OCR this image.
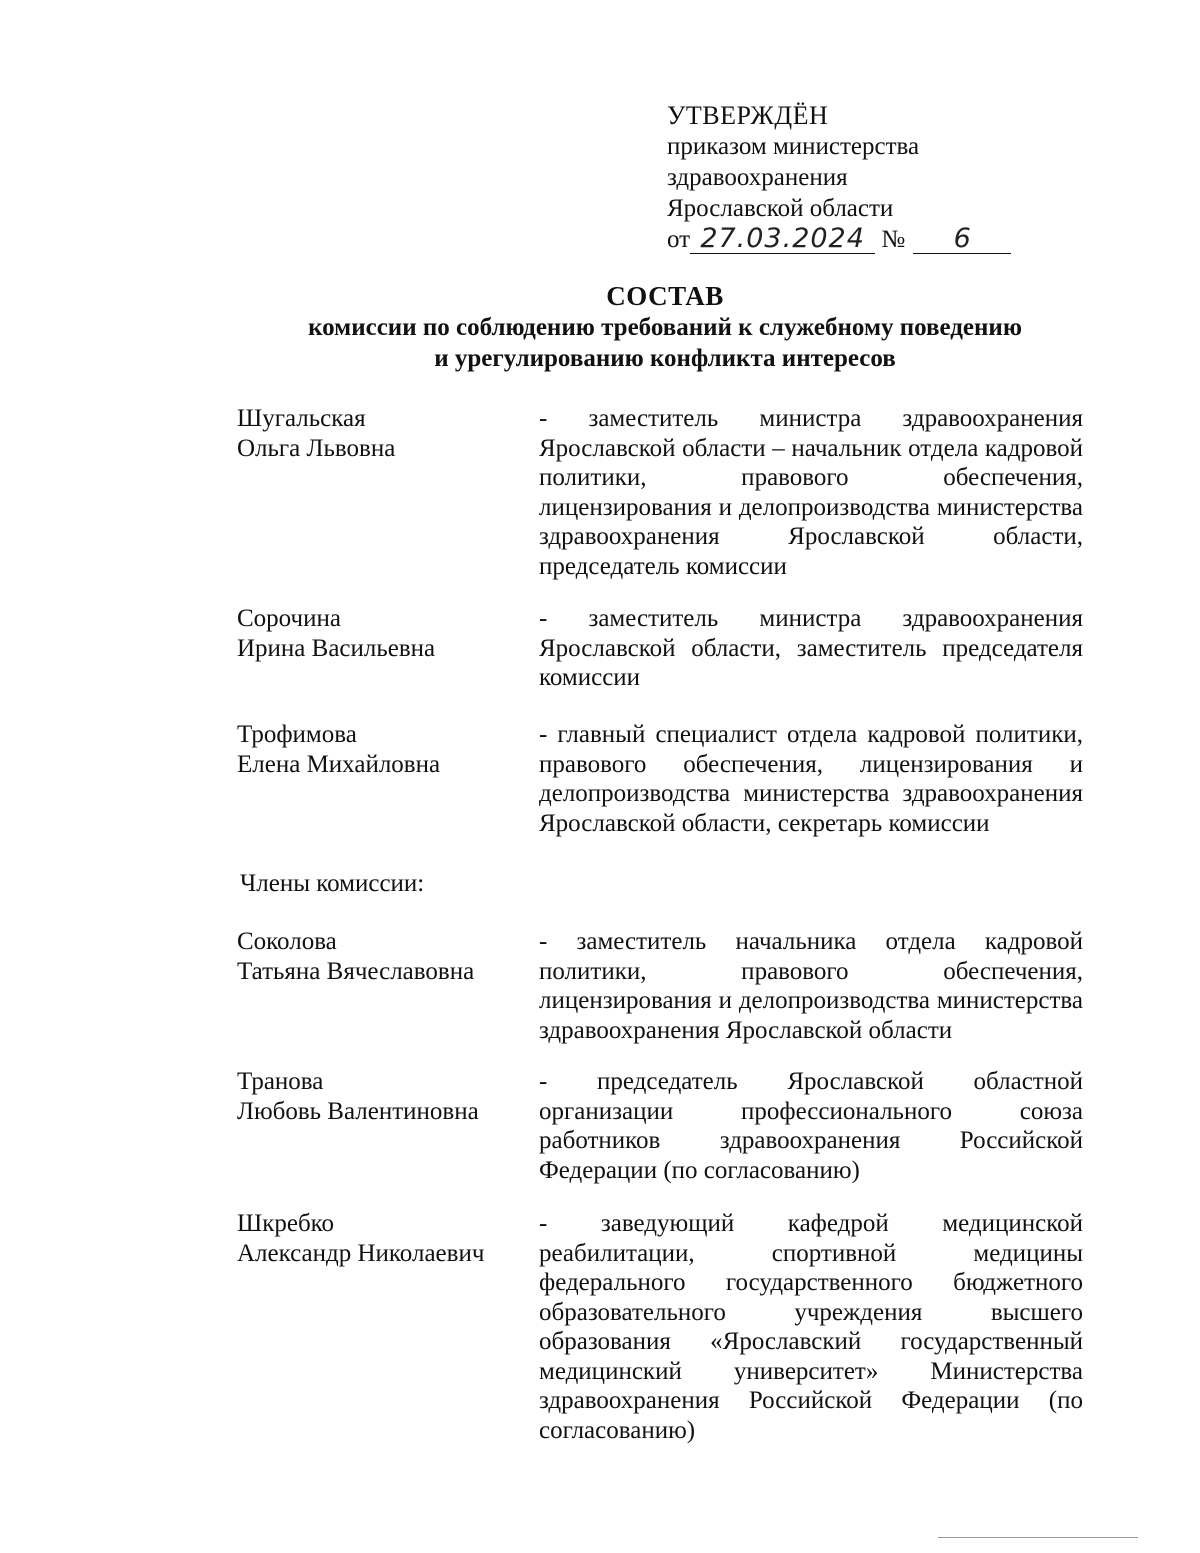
УТВЕРЖДЁН
приказом министерства
здравоохранения
Ярославской области
от 27.03.2024 № 6
СОСТАВ
комиссии по соблюдению требований к служебному поведению
и урегулированию конфликта интересов
Шугальская
Ольга Львовна
- заместитель министра здравоохранения Ярославской области – начальник отдела кадровой политики, правового обеспечения, лицензирования и делопроизводства министерства здравоохранения Ярославской области, председатель комиссии
Сорочина
Ирина Васильевна
- заместитель министра здравоохранения Ярославской области, заместитель председателя комиссии
Трофимова
Елена Михайловна
- главный специалист отдела кадровой политики, правового обеспечения, лицензирования и делопроизводства министерства здравоохранения Ярославской области, секретарь комиссии
Члены комиссии:
Соколова
Татьяна Вячеславовна
- заместитель начальника отдела кадровой политики, правового обеспечения, лицензирования и делопроизводства министерства здравоохранения Ярославской области
Транова
Любовь Валентиновна
- председатель Ярославской областной организации профессионального союза работников здравоохранения Российской Федерации (по согласованию)
Шкребко
Александр Николаевич
- заведующий кафедрой медицинской реабилитации, спортивной медицины федерального государственного бюджетного образовательного учреждения высшего образования «Ярославский государственный медицинский университет» Министерства здравоохранения Российской Федерации (по согласованию)
